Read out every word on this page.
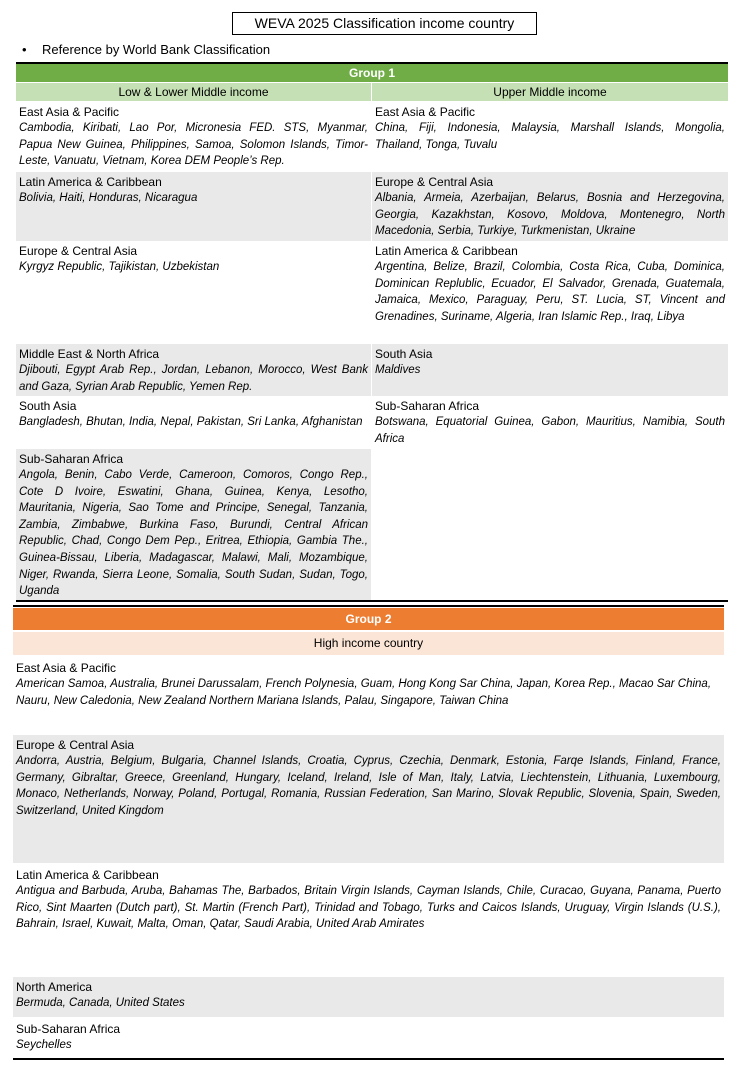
WEVA 2025 Classification income country
• Reference by World Bank Classification
Group 1
Low & Lower Middle income	Upper Middle income
East Asia & Pacific
Cambodia, Kiribati, Lao Por, Micronesia FED. STS, Myanmar, Papua New Guinea, Philippines, Samoa, Solomon Islands, Timor-Leste, Vanuatu, Vietnam, Korea DEM People’s Rep.
Latin America & Caribbean
Bolivia, Haiti, Honduras, Nicaragua
Europe & Central Asia
Kyrgyz Republic, Tajikistan, Uzbekistan
Middle East & North Africa
Djibouti, Egypt Arab Rep., Jordan, Lebanon, Morocco, West Bank and Gaza, Syrian Arab Republic, Yemen Rep.
South Asia
Bangladesh, Bhutan, India, Nepal, Pakistan, Sri Lanka, Afghanistan
Sub-Saharan Africa
Angola, Benin, Cabo Verde, Cameroon, Comoros, Congo Rep., Cote D Ivoire, Eswatini, Ghana, Guinea, Kenya, Lesotho, Mauritania, Nigeria, Sao Tome and Principe, Senegal, Tanzania, Zambia, Zimbabwe, Burkina Faso, Burundi, Central African Republic, Chad, Congo Dem Pep., Eritrea, Ethiopia, Gambia The., Guinea-Bissau, Liberia, Madagascar, Malawi, Mali, Mozambique, Niger, Rwanda, Sierra Leone, Somalia, South Sudan, Sudan, Togo, Uganda
East Asia & Pacific
China, Fiji, Indonesia, Malaysia, Marshall Islands, Mongolia, Thailand, Tonga, Tuvalu
Europe & Central Asia
Albania, Armeia, Azerbaijan, Belarus, Bosnia and Herzegovina, Georgia, Kazakhstan, Kosovo, Moldova, Montenegro, North Macedonia, Serbia, Turkiye, Turkmenistan, Ukraine
Latin America & Caribbean
Argentina, Belize, Brazil, Colombia, Costa Rica, Cuba, Dominica, Dominican Replublic, Ecuador, El Salvador, Grenada, Guatemala, Jamaica, Mexico, Paraguay, Peru, ST. Lucia, ST, Vincent and Grenadines, Suriname, Algeria, Iran Islamic Rep., Iraq, Libya
South Asia
Maldives
Sub-Saharan Africa
Botswana, Equatorial Guinea, Gabon, Mauritius, Namibia, South Africa
Group 2
High income country
East Asia & Pacific
American Samoa, Australia, Brunei Darussalam, French Polynesia, Guam, Hong Kong Sar China, Japan, Korea Rep., Macao Sar China, Nauru, New Caledonia, New Zealand Northern Mariana Islands, Palau, Singapore, Taiwan China
Europe & Central Asia
Andorra, Austria, Belgium, Bulgaria, Channel Islands, Croatia, Cyprus, Czechia, Denmark, Estonia, Farqe Islands, Finland, France, Germany, Gibraltar, Greece, Greenland, Hungary, Iceland, Ireland, Isle of Man, Italy, Latvia, Liechtenstein, Lithuania, Luxembourg, Monaco, Netherlands, Norway, Poland, Portugal, Romania, Russian Federation, San Marino, Slovak Republic, Slovenia, Spain, Sweden, Switzerland, United Kingdom
Latin America & Caribbean
Antigua and Barbuda, Aruba, Bahamas The, Barbados, Britain Virgin Islands, Cayman Islands, Chile, Curacao, Guyana, Panama, Puerto Rico, Sint Maarten (Dutch part), St. Martin (French Part), Trinidad and Tobago, Turks and Caicos Islands, Uruguay, Virgin Islands (U.S.), Bahrain, Israel, Kuwait, Malta, Oman, Qatar, Saudi Arabia, United Arab Amirates
North America
Bermuda, Canada, United States
Sub-Saharan Africa
Seychelles
